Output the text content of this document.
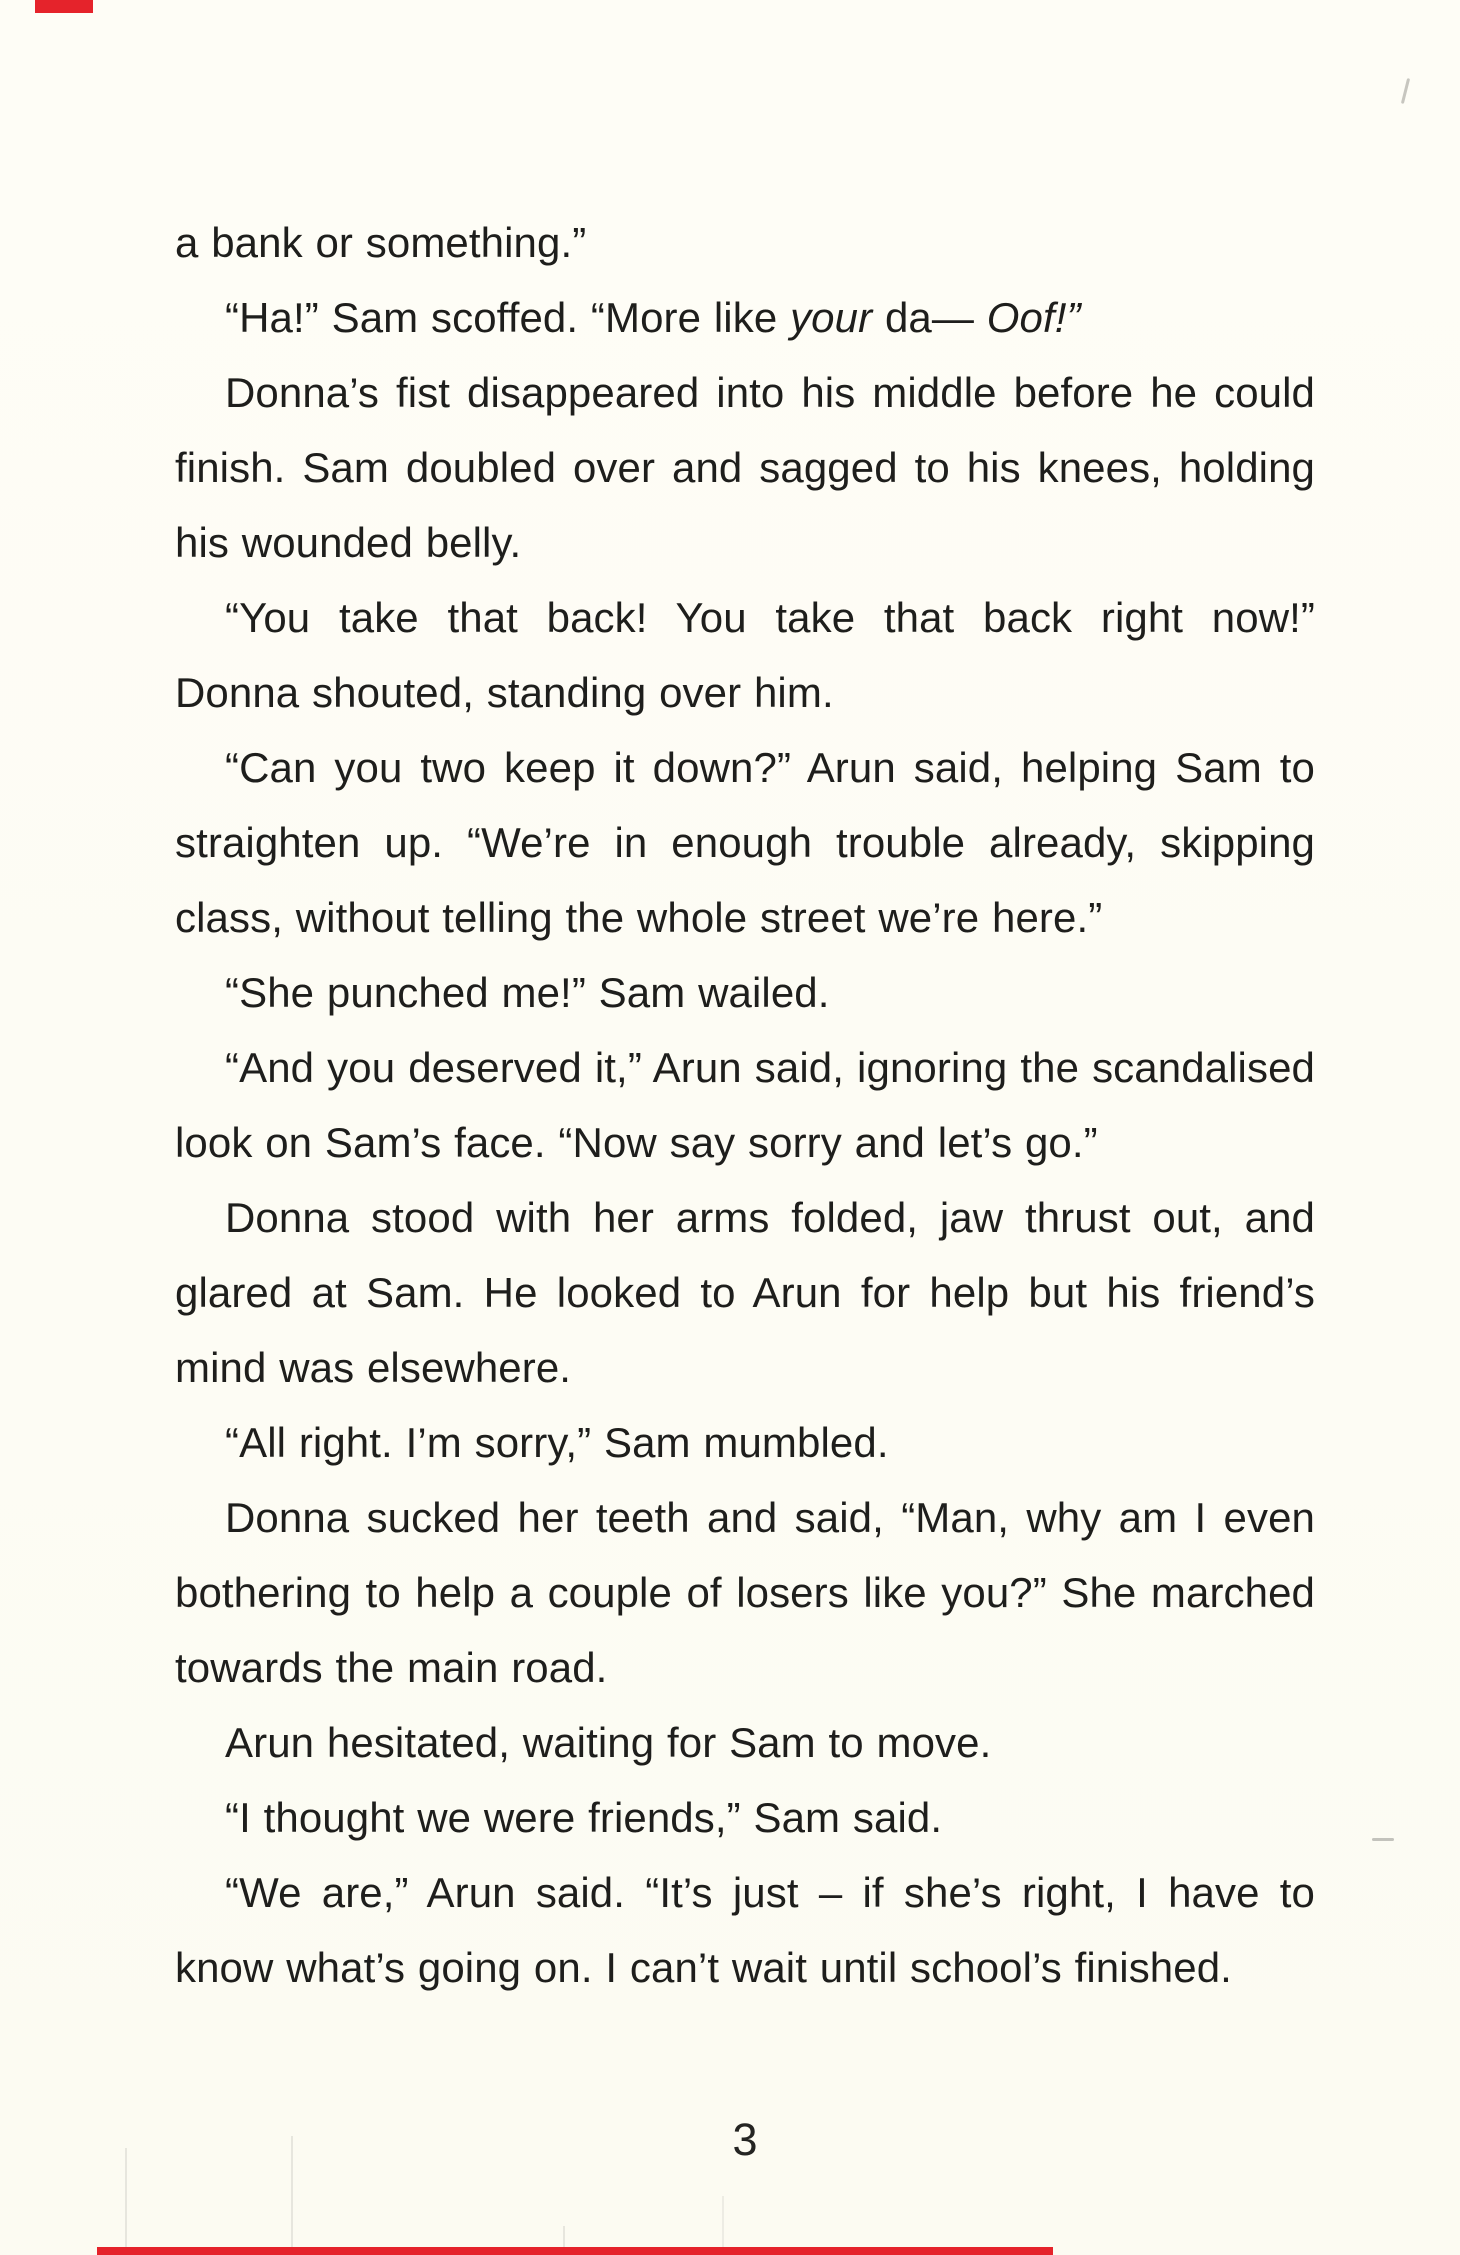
a bank or something.”
“Ha!” Sam scoffed. “More like your da— Oof!”
Donna’s fist disappeared into his middle before he could
finish. Sam doubled over and sagged to his knees, holding
his wounded belly.
“You take that back! You take that back right now!”
Donna shouted, standing over him.
“Can you two keep it down?” Arun said, helping Sam to
straighten up. “We’re in enough trouble already, skipping
class, without telling the whole street we’re here.”
“She punched me!” Sam wailed.
“And you deserved it,” Arun said, ignoring the scandalised
look on Sam’s face. “Now say sorry and let’s go.”
Donna stood with her arms folded, jaw thrust out, and
glared at Sam. He looked to Arun for help but his friend’s
mind was elsewhere.
“All right. I’m sorry,” Sam mumbled.
Donna sucked her teeth and said, “Man, why am I even
bothering to help a couple of losers like you?” She marched
towards the main road.
Arun hesitated, waiting for Sam to move.
“I thought we were friends,” Sam said.
“We are,” Arun said. “It’s just – if she’s right, I have to
know what’s going on. I can’t wait until school’s finished.
3
